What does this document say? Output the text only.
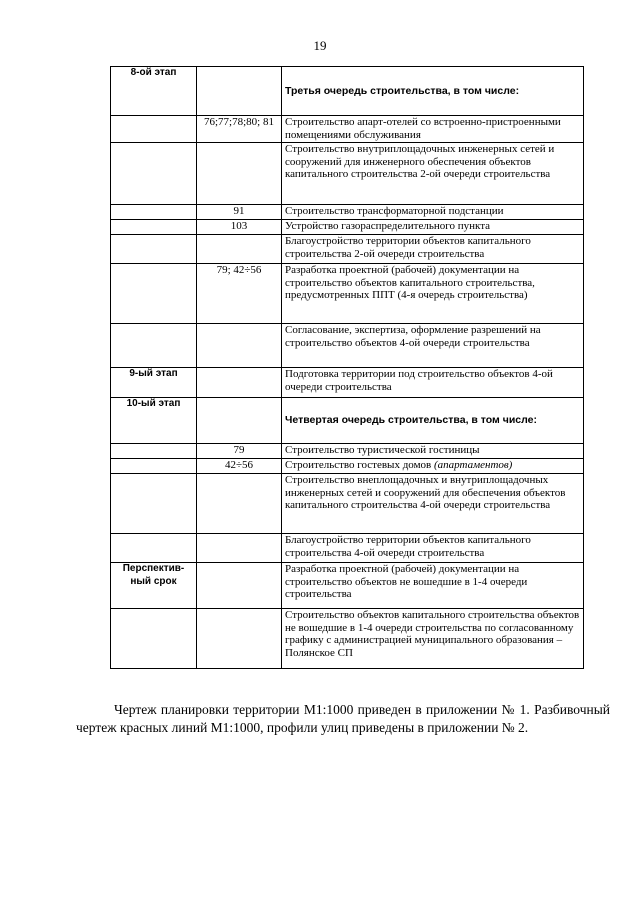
19
8-ой этап		Третья очередь строительства, в том числе:
	76;77;78;80; 81	Строительство апарт-отелей со встроенно-пристроенными помещениями обслуживания
		Строительство внутриплощадочных инженерных сетей и сооружений для инженерного обеспечения объектов капитального строительства 2-ой очереди строительства
	91	Строительство трансформаторной подстанции
	103	Устройство газораспределительного пункта
		Благоустройство территории объектов капитального строительства 2-ой очереди строительства
	79; 42÷56	Разработка проектной (рабочей) документации на строительство объектов капитального строительства, предусмотренных ППТ (4-я очередь строительства)
		Согласование, экспертиза, оформление разрешений на строительство объектов 4-ой очереди строительства
9-ый этап		Подготовка территории под строительство объектов 4-ой очереди строительства
10-ый этап		Четвертая очередь строительства, в том числе:
	79	Строительство туристической гостиницы
	42÷56	Строительство гостевых домов (апартаментов)
		Строительство внеплощадочных и внутриплощадочных инженерных сетей и сооружений для обеспечения объектов капитального строительства 4-ой очереди строительства
		Благоустройство территории объектов капитального строительства 4-ой очереди строительства
Перспектив-ный срок		Разработка проектной (рабочей) документации на строительство объектов не вошедшие в 1-4 очереди строительства
		Строительство объектов капитального строительства объектов не вошедшие в 1-4 очереди строительства по согласованному графику с администрацией муниципального образования – Полянское СП

Чертеж планировки территории М1:1000 приведен в приложении № 1. Разбивочный чертеж красных линий М1:1000, профили улиц приведены в приложении № 2.
